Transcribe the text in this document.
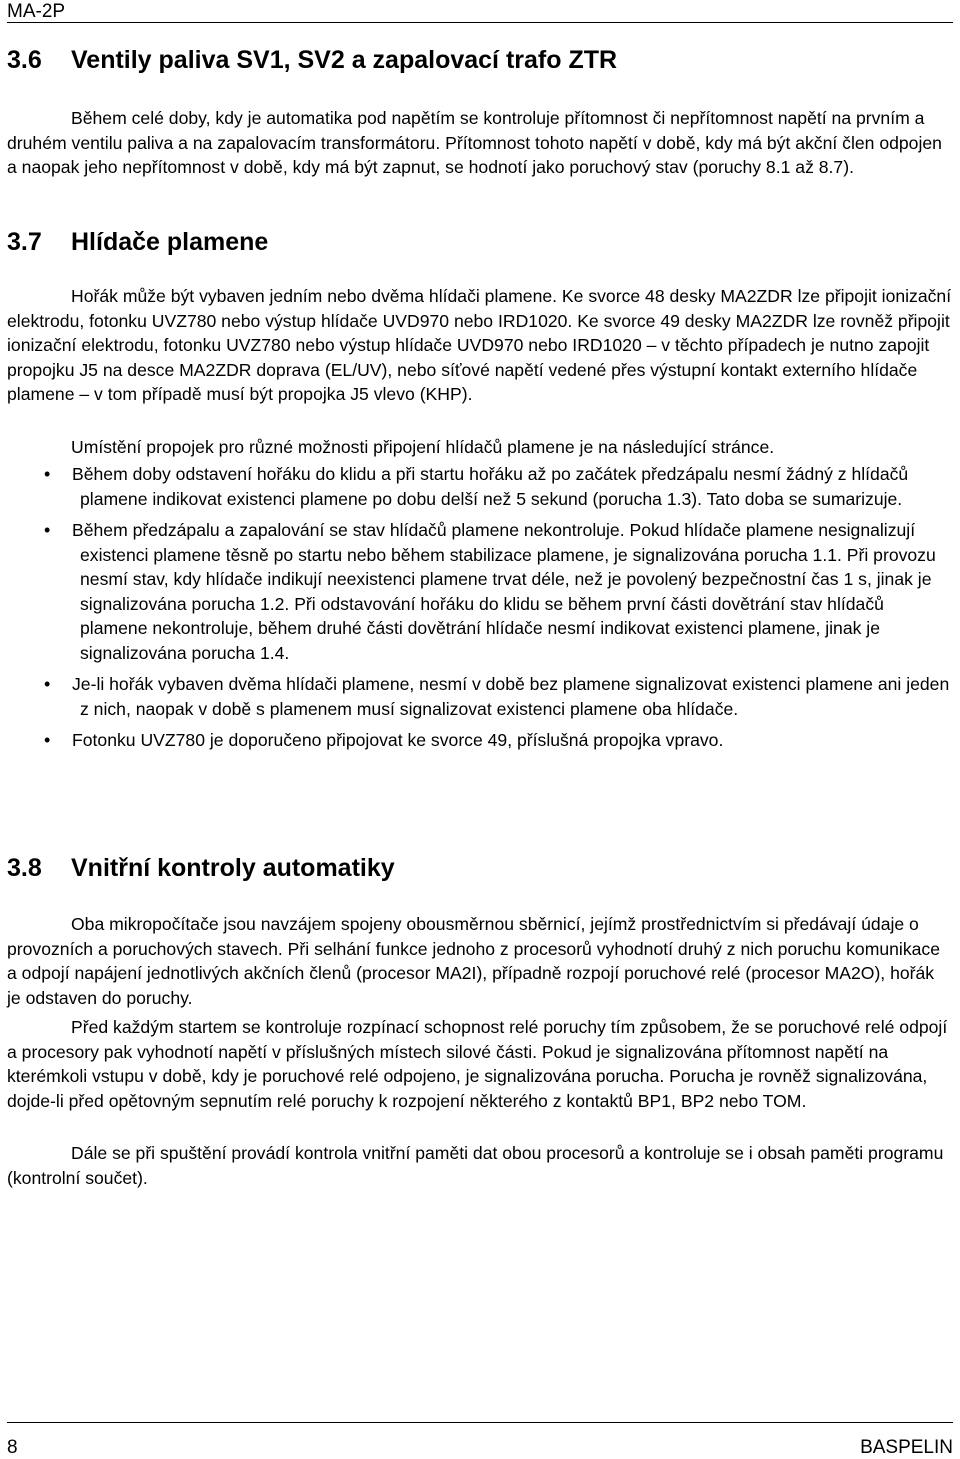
MA-2P
3.6 Ventily paliva SV1, SV2 a zapalovací trafo ZTR

Během celé doby, kdy je automatika pod napětím se kontroluje přítomnost či nepřítomnost napětí na prvním a druhém ventilu paliva a na zapalovacím transformátoru. Přítomnost tohoto napětí v době, kdy má být akční člen odpojen a naopak jeho nepřítomnost v době, kdy má být zapnut, se hodnotí jako poruchový stav (poruchy 8.1 až 8.7).

3.7 Hlídače plamene

Hořák může být vybaven jedním nebo dvěma hlídači plamene. Ke svorce 48 desky MA2ZDR lze připojit ionizační elektrodu, fotonku UVZ780 nebo výstup hlídače UVD970 nebo IRD1020. Ke svorce 49 desky MA2ZDR lze rovněž připojit ionizační elektrodu, fotonku UVZ780 nebo výstup hlídače UVD970 nebo IRD1020 – v těchto případech je nutno zapojit propojku J5 na desce MA2ZDR doprava (EL/UV), nebo síťové napětí vedené přes výstupní kontakt externího hlídače plamene – v tom případě musí být propojka J5 vlevo (KHP).

Umístění propojek pro různé možnosti připojení hlídačů plamene je na následující stránce.

• Během doby odstavení hořáku do klidu a při startu hořáku až po začátek předzápalu nesmí žádný z hlídačů plamene indikovat existenci plamene po dobu delší než 5 sekund (porucha 1.3). Tato doba se sumarizuje.
• Během předzápalu a zapalování se stav hlídačů plamene nekontroluje. Pokud hlídače plamene nesignalizují existenci plamene těsně po startu nebo během stabilizace plamene, je signalizována porucha 1.1. Při provozu nesmí stav, kdy hlídače indikují neexistenci plamene trvat déle, než je povolený bezpečnostní čas 1 s, jinak je signalizována porucha 1.2. Při odstavování hořáku do klidu se během první části dovětrání stav hlídačů plamene nekontroluje, během druhé části dovětrání hlídače nesmí indikovat existenci plamene, jinak je signalizována porucha 1.4.
• Je-li hořák vybaven dvěma hlídači plamene, nesmí v době bez plamene signalizovat existenci plamene ani jeden z nich, naopak v době s plamenem musí signalizovat existenci plamene oba hlídače.
• Fotonku UVZ780 je doporučeno připojovat ke svorce 49, příslušná propojka vpravo.
3.8 Vnitřní kontroly automatiky

Oba mikropočítače jsou navzájem spojeny obousměrnou sběrnicí, jejímž prostřednictvím si předávají údaje o provozních a poruchových stavech. Při selhání funkce jednoho z procesorů vyhodnotí druhý z nich poruchu komunikace a odpojí napájení jednotlivých akčních členů (procesor MA2I), případně rozpojí poruchové relé (procesor MA2O), hořák je odstaven do poruchy.

Před každým startem se kontroluje rozpínací schopnost relé poruchy tím způsobem, že se poruchové relé odpojí a procesory pak vyhodnotí napětí v příslušných místech silové části. Pokud je signalizována přítomnost napětí na kterémkoli vstupu v době, kdy je poruchové relé odpojeno, je signalizována porucha. Porucha je rovněž signalizována, dojde-li před opětovným sepnutím relé poruchy k rozpojení některého z kontaktů BP1, BP2 nebo TOM.

Dále se při spuštění provádí kontrola vnitřní paměti dat obou procesorů a kontroluje se i obsah paměti programu (kontrolní součet).

8	BASPELIN
